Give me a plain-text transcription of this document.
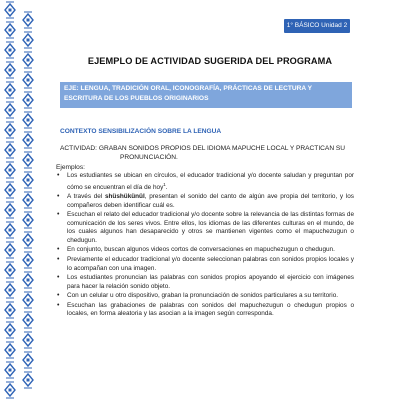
1° BÁSICO Unidad 2
EJEMPLO DE ACTIVIDAD SUGERIDA DEL PROGRAMA
EJE: LENGUA, TRADICIÓN ORAL, ICONOGRAFÍA, PRÁCTICAS DE LECTURA Y ESCRITURA DE LOS PUEBLOS ORIGINARIOS
CONTEXTO SENSIBILIZACIÓN SOBRE LA LENGUA
ACTIVIDAD: GRABAN SONIDOS PROPIOS DEL IDIOMA MAPUCHE LOCAL Y PRACTICAN SU
PRONUNCIACIÓN.
Ejemplos:
• Los estudiantes se ubican en círculos, el educador tradicional y/o docente saludan y preguntan por cómo se encuentran el día de hoy$^1$.
• A través del shüshükünül, presentan el sonido del canto de algún ave propia del territorio, y los compañeros deben identificar cuál es.
• Escuchan el relato del educador tradicional y/o docente sobre la relevancia de las distintas formas de comunicación de los seres vivos. Entre ellos, los idiomas de las diferentes culturas en el mundo, de los cuales algunos han desaparecido y otros se mantienen vigentes como el mapuchezugun o chedugun.
• En conjunto, buscan algunos videos cortos de conversaciones en mapuchezugun o chedugun.
• Previamente el educador tradicional y/o docente seleccionan palabras con sonidos propios locales y lo acompañan con una imagen.
• Los estudiantes pronuncian las palabras con sonidos propios apoyando el ejercicio con imágenes para hacer la relación sonido objeto.
• Con un celular u otro dispositivo, graban la pronunciación de sonidos particulares a su territorio.
• Escuchan las grabaciones de palabras con sonidos del mapuchezugun o chedugun propios o locales, en forma aleatoria y las asocian a la imagen según corresponda.
